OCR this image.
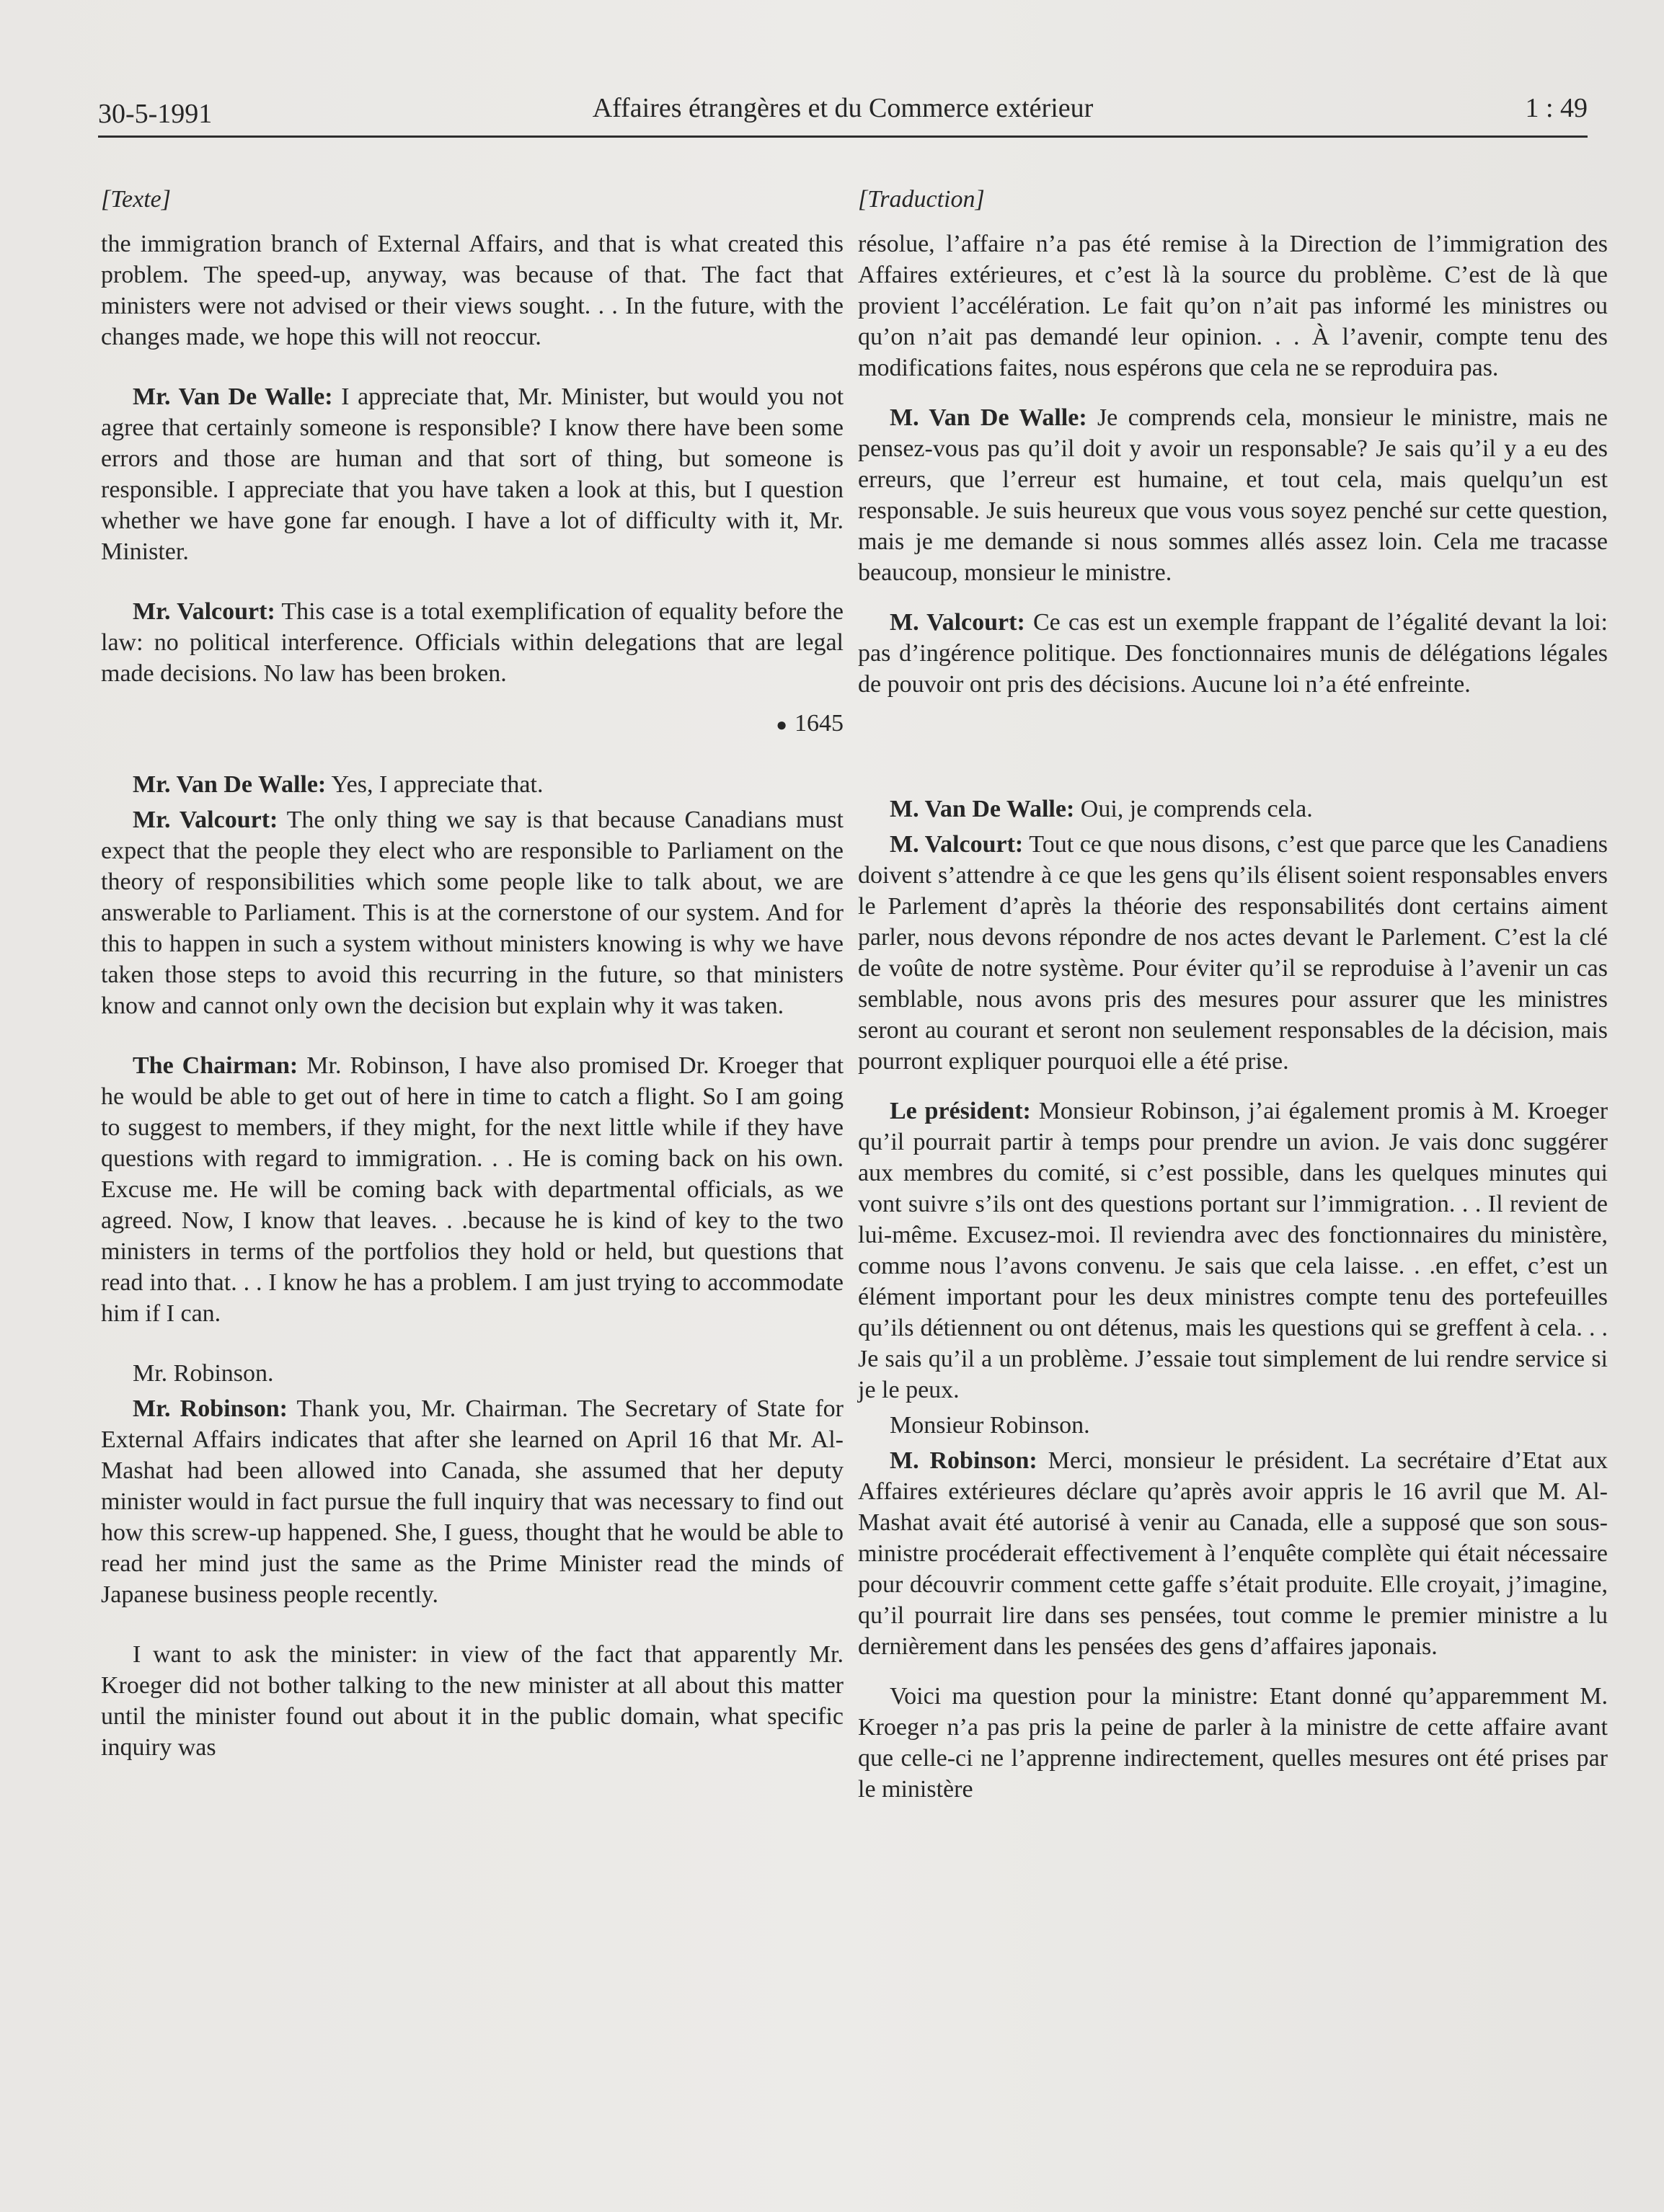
30-5-1991	Affaires étrangères et du Commerce extérieur	1 : 49

[Texte]

the immigration branch of External Affairs, and that is what created this problem. The speed-up, anyway, was because of that. The fact that ministers were not advised or their views sought. . . In the future, with the changes made, we hope this will not reoccur.

Mr. Van De Walle: I appreciate that, Mr. Minister, but would you not agree that certainly someone is responsible? I know there have been some errors and those are human and that sort of thing, but someone is responsible. I appreciate that you have taken a look at this, but I question whether we have gone far enough. I have a lot of difficulty with it, Mr. Minister.

Mr. Valcourt: This case is a total exemplification of equality before the law: no political interference. Officials within delegations that are legal made decisions. No law has been broken.

● 1645

Mr. Van De Walle: Yes, I appreciate that.

Mr. Valcourt: The only thing we say is that because Canadians must expect that the people they elect who are responsible to Parliament on the theory of responsibilities which some people like to talk about, we are answerable to Parliament. This is at the cornerstone of our system. And for this to happen in such a system without ministers knowing is why we have taken those steps to avoid this recurring in the future, so that ministers know and cannot only own the decision but explain why it was taken.

The Chairman: Mr. Robinson, I have also promised Dr. Kroeger that he would be able to get out of here in time to catch a flight. So I am going to suggest to members, if they might, for the next little while if they have questions with regard to immigration. . . He is coming back on his own. Excuse me. He will be coming back with departmental officials, as we agreed. Now, I know that leaves. . .because he is kind of key to the two ministers in terms of the portfolios they hold or held, but questions that read into that. . . I know he has a problem. I am just trying to accommodate him if I can.

Mr. Robinson.

Mr. Robinson: Thank you, Mr. Chairman. The Secretary of State for External Affairs indicates that after she learned on April 16 that Mr. Al-Mashat had been allowed into Canada, she assumed that her deputy minister would in fact pursue the full inquiry that was necessary to find out how this screw-up happened. She, I guess, thought that he would be able to read her mind just the same as the Prime Minister read the minds of Japanese business people recently.

I want to ask the minister: in view of the fact that apparently Mr. Kroeger did not bother talking to the new minister at all about this matter until the minister found out about it in the public domain, what specific inquiry was

[Traduction]

résolue, l’affaire n’a pas été remise à la Direction de l’immigration des Affaires extérieures, et c’est là la source du problème. C’est de là que provient l’accélération. Le fait qu’on n’ait pas informé les ministres ou qu’on n’ait pas demandé leur opinion. . . À l’avenir, compte tenu des modifications faites, nous espérons que cela ne se reproduira pas.

M. Van De Walle: Je comprends cela, monsieur le ministre, mais ne pensez-vous pas qu’il doit y avoir un responsable? Je sais qu’il y a eu des erreurs, que l’erreur est humaine, et tout cela, mais quelqu’un est responsable. Je suis heureux que vous vous soyez penché sur cette question, mais je me demande si nous sommes allés assez loin. Cela me tracasse beaucoup, monsieur le ministre.

M. Valcourt: Ce cas est un exemple frappant de l’égalité devant la loi: pas d’ingérence politique. Des fonctionnaires munis de délégations légales de pouvoir ont pris des décisions. Aucune loi n’a été enfreinte.

M. Van De Walle: Oui, je comprends cela.

M. Valcourt: Tout ce que nous disons, c’est que parce que les Canadiens doivent s’attendre à ce que les gens qu’ils élisent soient responsables envers le Parlement d’après la théorie des responsabilités dont certains aiment parler, nous devons répondre de nos actes devant le Parlement. C’est la clé de voûte de notre système. Pour éviter qu’il se reproduise à l’avenir un cas semblable, nous avons pris des mesures pour assurer que les ministres seront au courant et seront non seulement responsables de la décision, mais pourront expliquer pourquoi elle a été prise.

Le président: Monsieur Robinson, j’ai également promis à M. Kroeger qu’il pourrait partir à temps pour prendre un avion. Je vais donc suggérer aux membres du comité, si c’est possible, dans les quelques minutes qui vont suivre s’ils ont des questions portant sur l’immigration. . . Il revient de lui-même. Excusez-moi. Il reviendra avec des fonctionnaires du ministère, comme nous l’avons convenu. Je sais que cela laisse. . .en effet, c’est un élément important pour les deux ministres compte tenu des portefeuilles qu’ils détiennent ou ont détenus, mais les questions qui se greffent à cela. . . Je sais qu’il a un problème. J’essaie tout simplement de lui rendre service si je le peux.

Monsieur Robinson.

M. Robinson: Merci, monsieur le président. La secrétaire d’Etat aux Affaires extérieures déclare qu’après avoir appris le 16 avril que M. Al-Mashat avait été autorisé à venir au Canada, elle a supposé que son sous-ministre procéderait effectivement à l’enquête complète qui était nécessaire pour découvrir comment cette gaffe s’était produite. Elle croyait, j’imagine, qu’il pourrait lire dans ses pensées, tout comme le premier ministre a lu dernièrement dans les pensées des gens d’affaires japonais.

Voici ma question pour la ministre: Etant donné qu’apparemment M. Kroeger n’a pas pris la peine de parler à la ministre de cette affaire avant que celle-ci ne l’apprenne indirectement, quelles mesures ont été prises par le ministère
